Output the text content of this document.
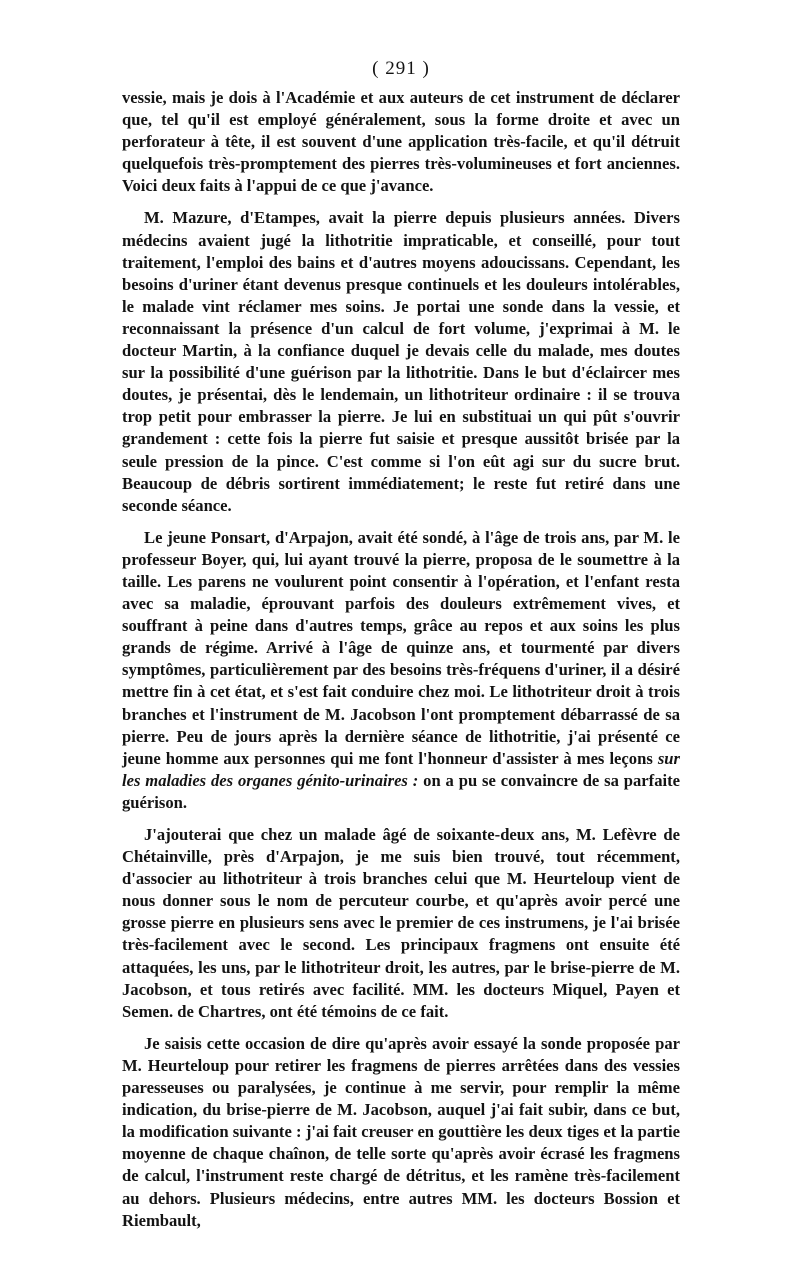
( 291 )

vessie, mais je dois à l'Académie et aux auteurs de cet instrument de déclarer que, tel qu'il est employé généralement, sous la forme droite et avec un perforateur à tête, il est souvent d'une application très-facile, et qu'il détruit quelquefois très-promptement des pierres très-volumineuses et fort anciennes. Voici deux faits à l'appui de ce que j'avance.

M. Mazure, d'Etampes, avait la pierre depuis plusieurs années. Divers médecins avaient jugé la lithotritie impraticable, et conseillé, pour tout traitement, l'emploi des bains et d'autres moyens adoucissans. Cependant, les besoins d'uriner étant devenus presque continuels et les douleurs intolérables, le malade vint réclamer mes soins. Je portai une sonde dans la vessie, et reconnaissant la présence d'un calcul de fort volume, j'exprimai à M. le docteur Martin, à la confiance duquel je devais celle du malade, mes doutes sur la possibilité d'une guérison par la lithotritie. Dans le but d'éclaircer mes doutes, je présentai, dès le lendemain, un lithotriteur ordinaire : il se trouva trop petit pour embrasser la pierre. Je lui en substituai un qui pût s'ouvrir grandement : cette fois la pierre fut saisie et presque aussitôt brisée par la seule pression de la pince. C'est comme si l'on eût agi sur du sucre brut. Beaucoup de débris sortirent immédiatement; le reste fut retiré dans une seconde séance.

Le jeune Ponsart, d'Arpajon, avait été sondé, à l'âge de trois ans, par M. le professeur Boyer, qui, lui ayant trouvé la pierre, proposa de le soumettre à la taille. Les parens ne voulurent point consentir à l'opération, et l'enfant resta avec sa maladie, éprouvant parfois des douleurs extrêmement vives, et souffrant à peine dans d'autres temps, grâce au repos et aux soins les plus grands de régime. Arrivé à l'âge de quinze ans, et tourmenté par divers symptômes, particulièrement par des besoins très-fréquens d'uriner, il a désiré mettre fin à cet état, et s'est fait conduire chez moi. Le lithotriteur droit à trois branches et l'instrument de M. Jacobson l'ont promptement débarrassé de sa pierre. Peu de jours après la dernière séance de lithotritie, j'ai présenté ce jeune homme aux personnes qui me font l'honneur d'assister à mes leçons sur les maladies des organes génito-urinaires : on a pu se convaincre de sa parfaite guérison.

J'ajouterai que chez un malade âgé de soixante-deux ans, M. Lefèvre de Chétainville, près d'Arpajon, je me suis bien trouvé, tout récemment, d'associer au lithotriteur à trois branches celui que M. Heurteloup vient de nous donner sous le nom de percuteur courbe, et qu'après avoir percé une grosse pierre en plusieurs sens avec le premier de ces instrumens, je l'ai brisée très-facilement avec le second. Les principaux fragmens ont ensuite été attaquées, les uns, par le lithotriteur droit, les autres, par le brise-pierre de M. Jacobson, et tous retirés avec facilité. MM. les docteurs Miquel, Payen et Semen. de Chartres, ont été témoins de ce fait.

Je saisis cette occasion de dire qu'après avoir essayé la sonde proposée par M. Heurteloup pour retirer les fragmens de pierres arrêtées dans des vessies paresseuses ou paralysées, je continue à me servir, pour remplir la même indication, du brise-pierre de M. Jacobson, auquel j'ai fait subir, dans ce but, la modification suivante : j'ai fait creuser en gouttière les deux tiges et la partie moyenne de chaque chaînon, de telle sorte qu'après avoir écrasé les fragmens de calcul, l'instrument reste chargé de détritus, et les ramène très-facilement au dehors. Plusieurs médecins, entre autres MM. les docteurs Bossion et Riembault,
